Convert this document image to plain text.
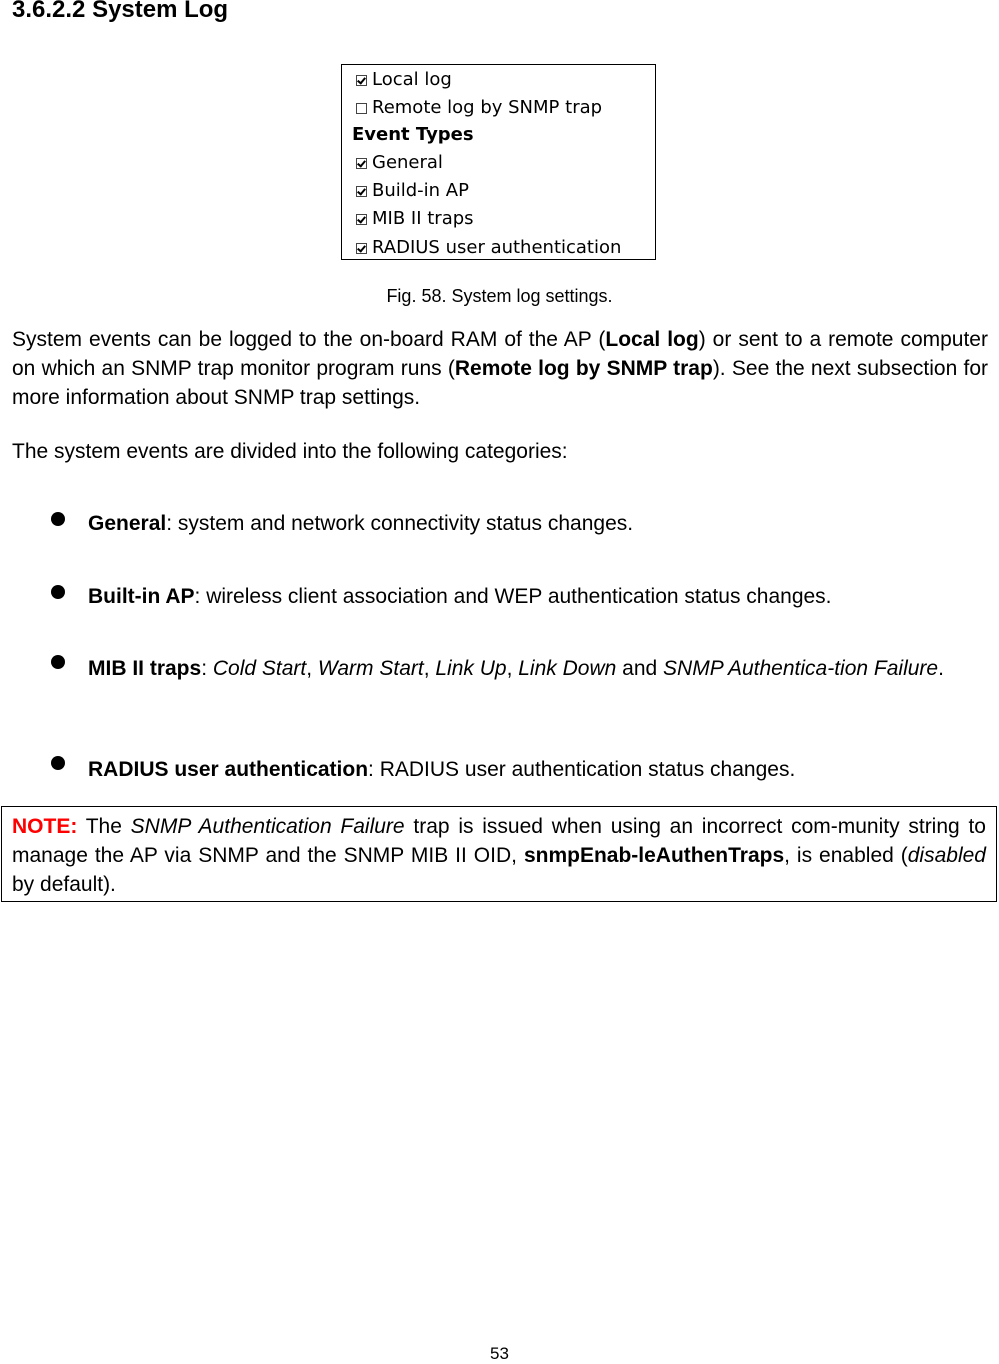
3.6.2.2 System Log
Local log
Remote log by SNMP trap
Event Types
General
Build-in AP
MIB II traps
RADIUS user authentication
Fig. 58. System log settings.

System events can be logged to the on-board RAM of the AP (Local log) or sent to a remote computer on which an SNMP trap monitor program runs (Remote log by SNMP trap). See the next subsection for more information about SNMP trap settings.

The system events are divided into the following categories:

General: system and network connectivity status changes.

Built-in AP: wireless client association and WEP authentication status changes.

MIB II traps: Cold Start, Warm Start, Link Up, Link Down and SNMP Authentica-tion Failure.

RADIUS user authentication: RADIUS user authentication status changes.

NOTE: The SNMP Authentication Failure trap is issued when using an incorrect com-munity string to manage the AP via SNMP and the SNMP MIB II OID, snmpEnab-leAuthenTraps, is enabled (disabled by default).
53
